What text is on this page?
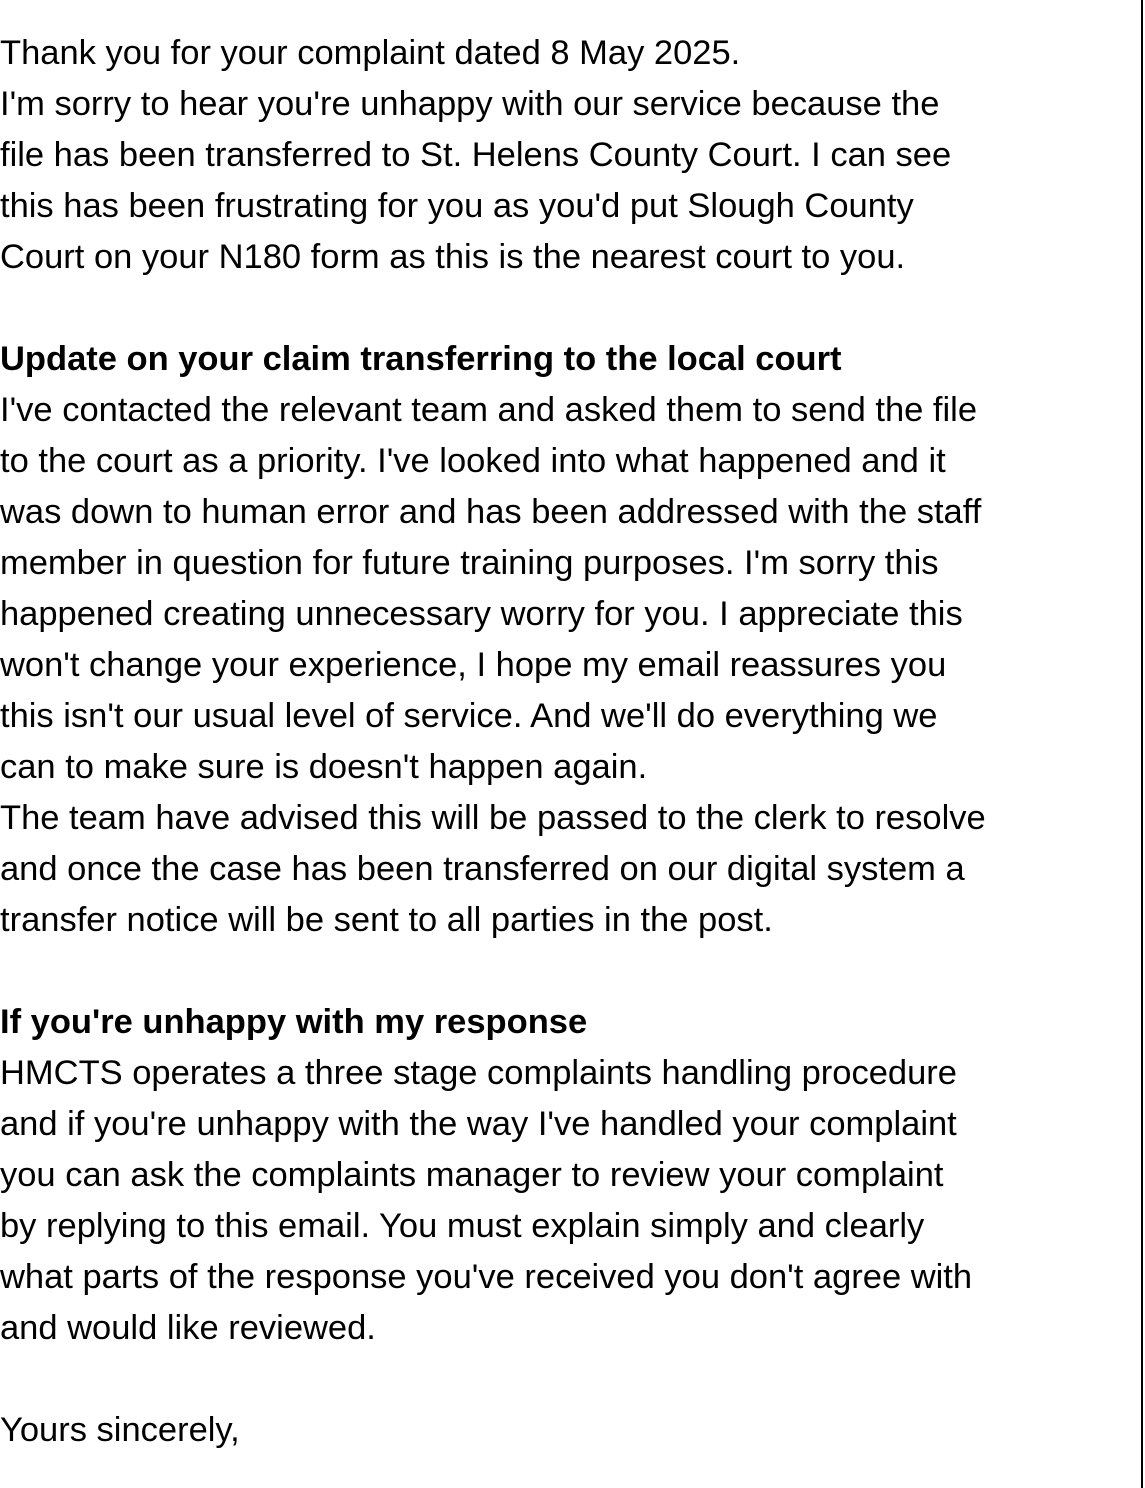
Thank you for your complaint dated 8 May 2025.
I'm sorry to hear you're unhappy with our service because the
file has been transferred to St. Helens County Court. I can see
this has been frustrating for you as you'd put Slough County
Court on your N180 form as this is the nearest court to you.
Update on your claim transferring to the local court
I've contacted the relevant team and asked them to send the file
to the court as a priority. I've looked into what happened and it
was down to human error and has been addressed with the staff
member in question for future training purposes. I'm sorry this
happened creating unnecessary worry for you. I appreciate this
won't change your experience, I hope my email reassures you
this isn't our usual level of service. And we'll do everything we
can to make sure is doesn't happen again.
The team have advised this will be passed to the clerk to resolve
and once the case has been transferred on our digital system a
transfer notice will be sent to all parties in the post.
If you're unhappy with my response
HMCTS operates a three stage complaints handling procedure
and if you're unhappy with the way I've handled your complaint
you can ask the complaints manager to review your complaint
by replying to this email. You must explain simply and clearly
what parts of the response you've received you don't agree with
and would like reviewed.
Yours sincerely,
